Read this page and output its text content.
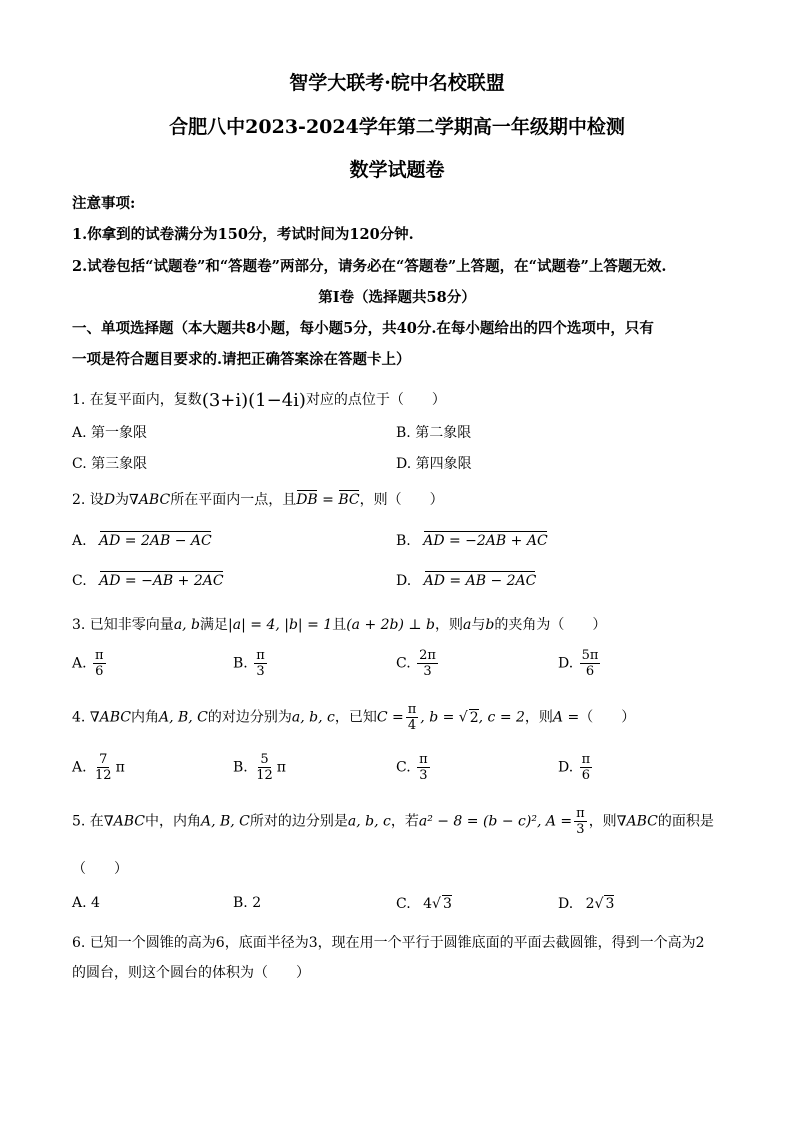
智学大联考·皖中名校联盟
合肥八中2023-2024学年第二学期高一年级期中检测
数学试题卷
注意事项:
1.你拿到的试卷满分为150分，考试时间为120分钟.
2.试卷包括“试题卷”和“答题卷”两部分，请务必在“答题卷”上答题，在“试题卷”上答题无效.
第I卷（选择题共58分）
一、单项选择题（本大题共8小题，每小题5分，共40分.在每小题给出的四个选项中，只有
一项是符合题目要求的.请把正确答案涂在答题卡上）
1. 在复平面内，复数(3+i)(1−4i)对应的点位于（　　）
A. 第一象限	B. 第二象限
C. 第三象限	D. 第四象限
2. 设D为∇ABC所在平面内一点，且DB = BC，则（　　）
A. AD = 2AB − AC	B. AD = −2AB + AC
C. AD = −AB + 2AC	D. AD = AB − 2AC
3. 已知非零向量a, b满足|a| = 4, |b| = 1且(a + 2b) ⊥ b，则a与b的夹角为（　　）
A. $\frac{\pi}{6}$	B. $\frac{\pi}{3}$	C. $\frac{2\pi}{3}$	D. $\frac{5\pi}{6}$
4. ∇ABC内角A, B, C的对边分别为a, b, c，已知$C = \frac{\pi}{4}$ , b = √ 2, c = 2，则A =（　　）
A. $\frac{7}{12}$ π	B. $\frac{5}{12}$ π	C. $\frac{\pi}{3}$	D. $\frac{\pi}{6}$
5. 在∇ABC中，内角A, B, C所对的边分别是a, b, c，若a² − 8 = (b − c)², $A = \frac{\pi}{3}$ ，则∇ABC的面积是
（　　）
A. 4	B. 2	C. 4√ 3	D. 2√ 3
6. 已知一个圆锥的高为6，底面半径为3，现在用一个平行于圆锥底面的平面去截圆锥，得到一个高为2
的圆台，则这个圆台的体积为（　　）
